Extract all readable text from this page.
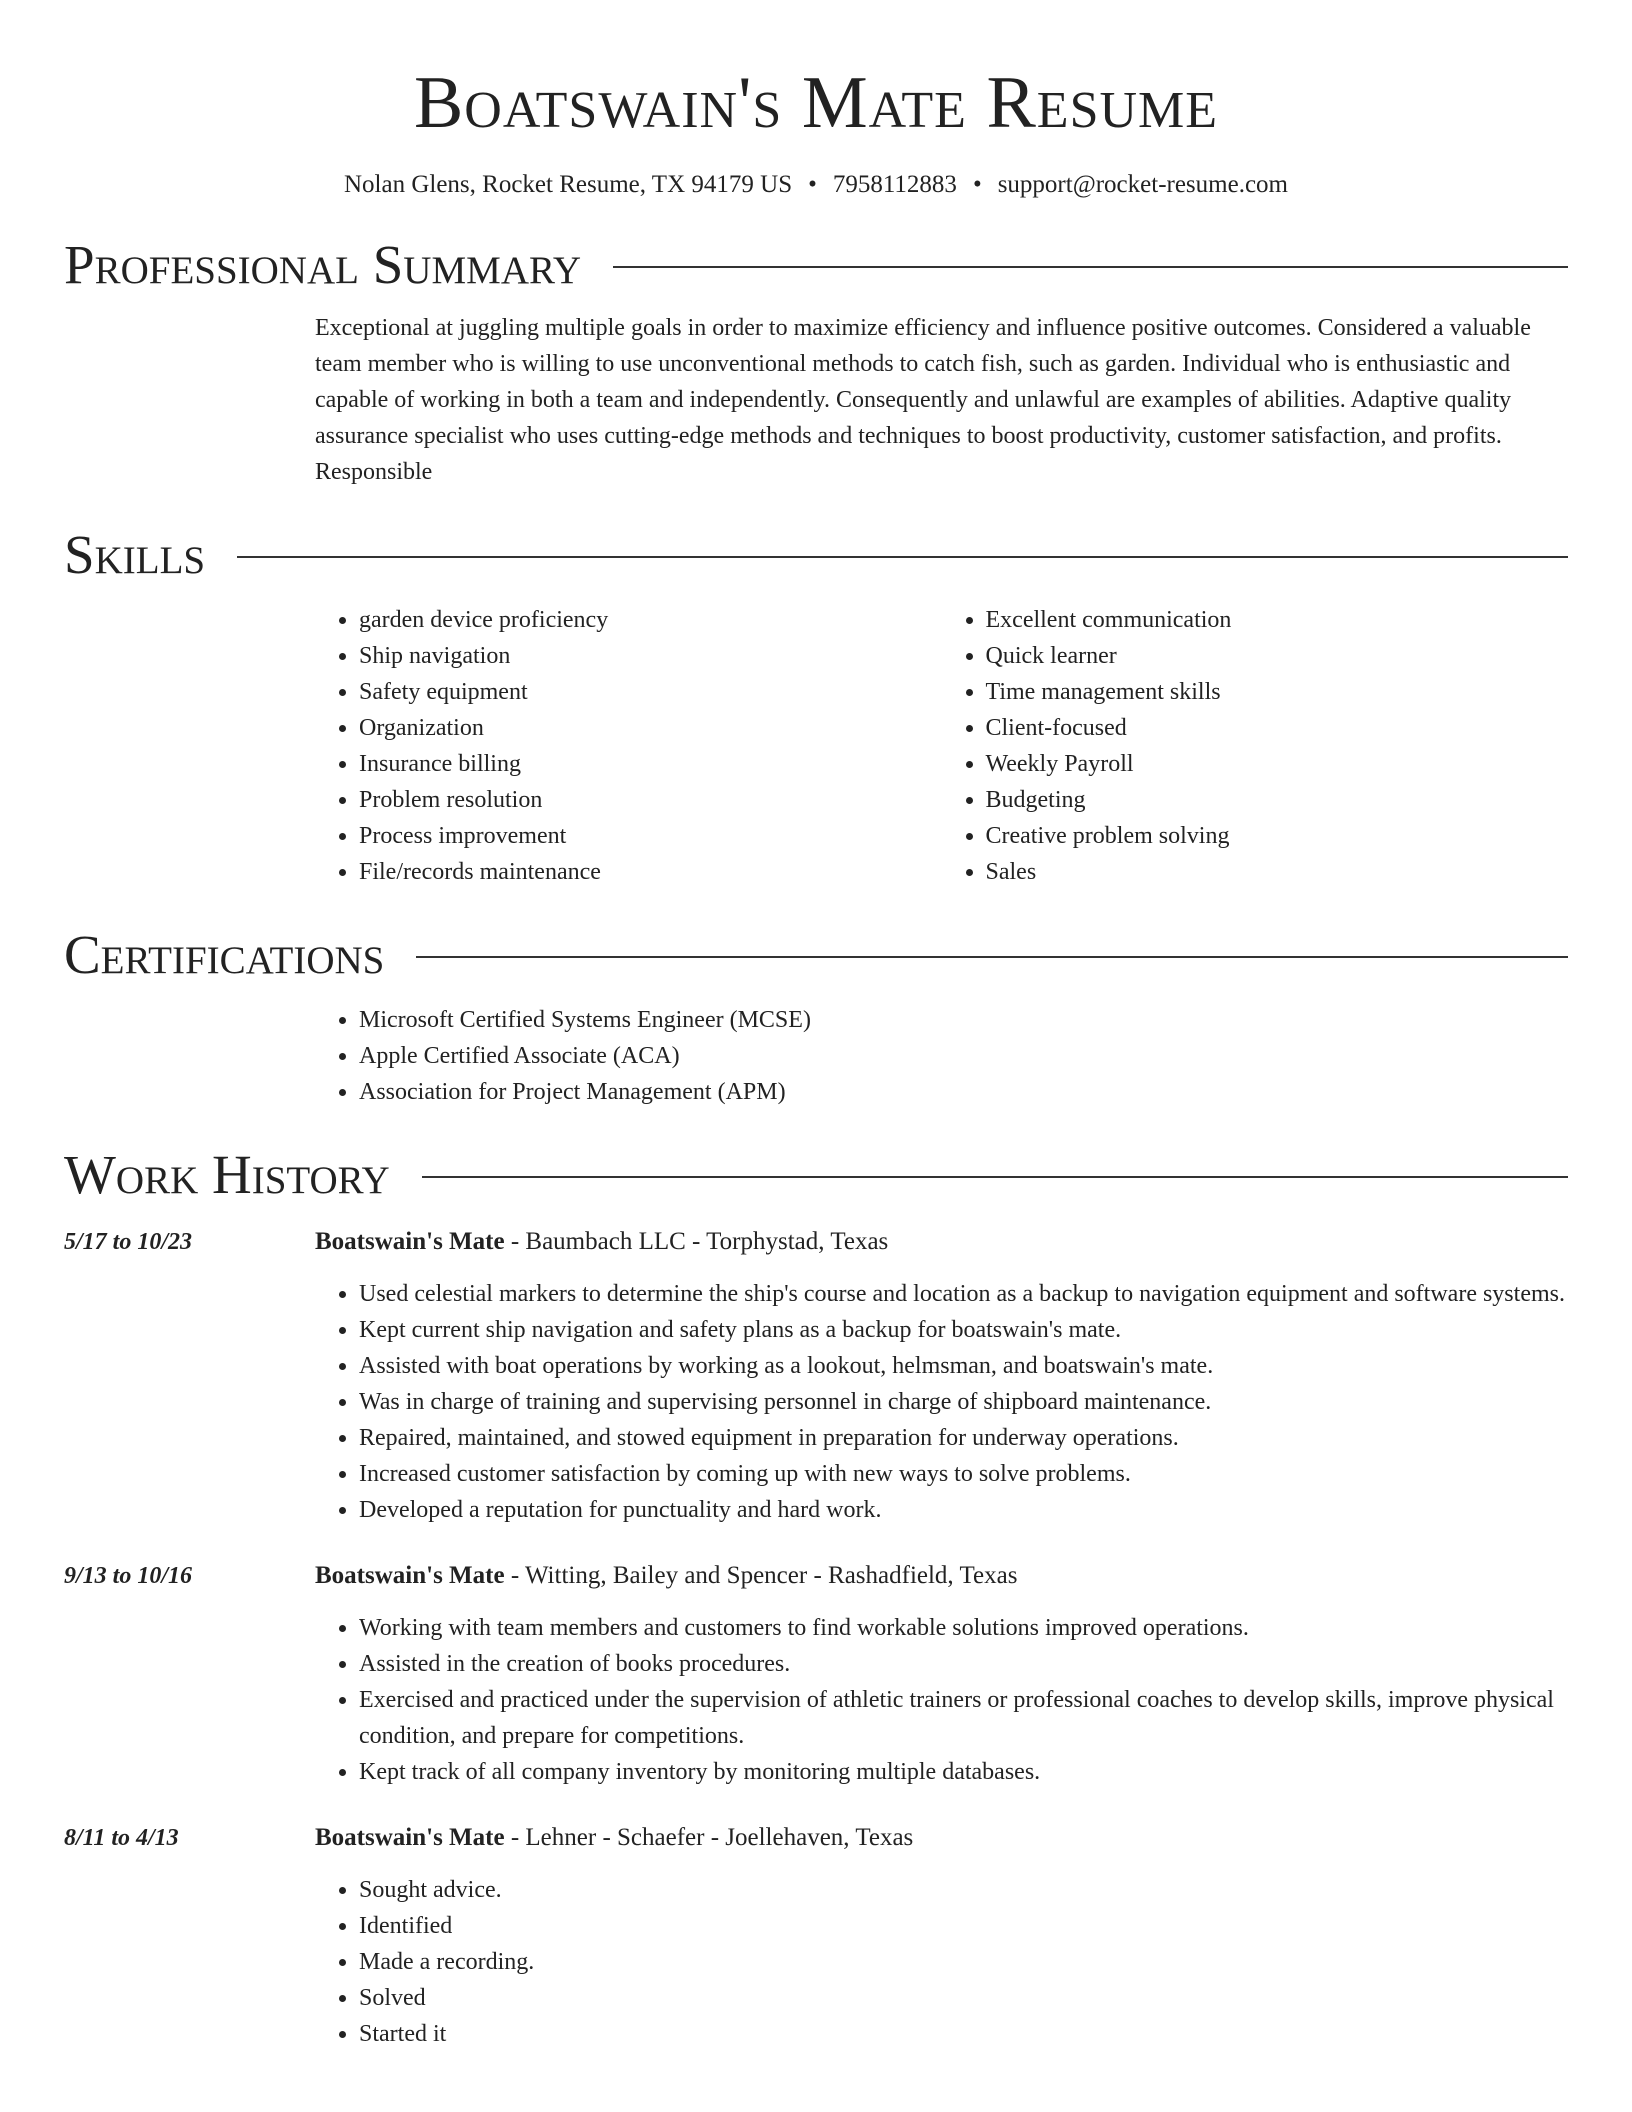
Boatswain's Mate Resume
Nolan Glens, Rocket Resume, TX 94179 US • 7958112883 • support@rocket-resume.com
Professional Summary
Exceptional at juggling multiple goals in order to maximize efficiency and influence positive outcomes. Considered a valuable team member who is willing to use unconventional methods to catch fish, such as garden. Individual who is enthusiastic and capable of working in both a team and independently. Consequently and unlawful are examples of abilities. Adaptive quality assurance specialist who uses cutting-edge methods and techniques to boost productivity, customer satisfaction, and profits. Responsible
Skills
• garden device proficiency
• Ship navigation
• Safety equipment
• Organization
• Insurance billing
• Problem resolution
• Process improvement
• File/records maintenance
• Excellent communication
• Quick learner
• Time management skills
• Client-focused
• Weekly Payroll
• Budgeting
• Creative problem solving
• Sales
Certifications
• Microsoft Certified Systems Engineer (MCSE)
• Apple Certified Associate (ACA)
• Association for Project Management (APM)
Work History
5/17 to 10/23	Boatswain's Mate - Baumbach LLC - Torphystad, Texas
• Used celestial markers to determine the ship's course and location as a backup to navigation equipment and software systems.
• Kept current ship navigation and safety plans as a backup for boatswain's mate.
• Assisted with boat operations by working as a lookout, helmsman, and boatswain's mate.
• Was in charge of training and supervising personnel in charge of shipboard maintenance.
• Repaired, maintained, and stowed equipment in preparation for underway operations.
• Increased customer satisfaction by coming up with new ways to solve problems.
• Developed a reputation for punctuality and hard work.
9/13 to 10/16	Boatswain's Mate - Witting, Bailey and Spencer - Rashadfield, Texas
• Working with team members and customers to find workable solutions improved operations.
• Assisted in the creation of books procedures.
• Exercised and practiced under the supervision of athletic trainers or professional coaches to develop skills, improve physical condition, and prepare for competitions.
• Kept track of all company inventory by monitoring multiple databases.
8/11 to 4/13	Boatswain's Mate - Lehner - Schaefer - Joellehaven, Texas
• Sought advice.
• Identified
• Made a recording.
• Solved
• Started it
